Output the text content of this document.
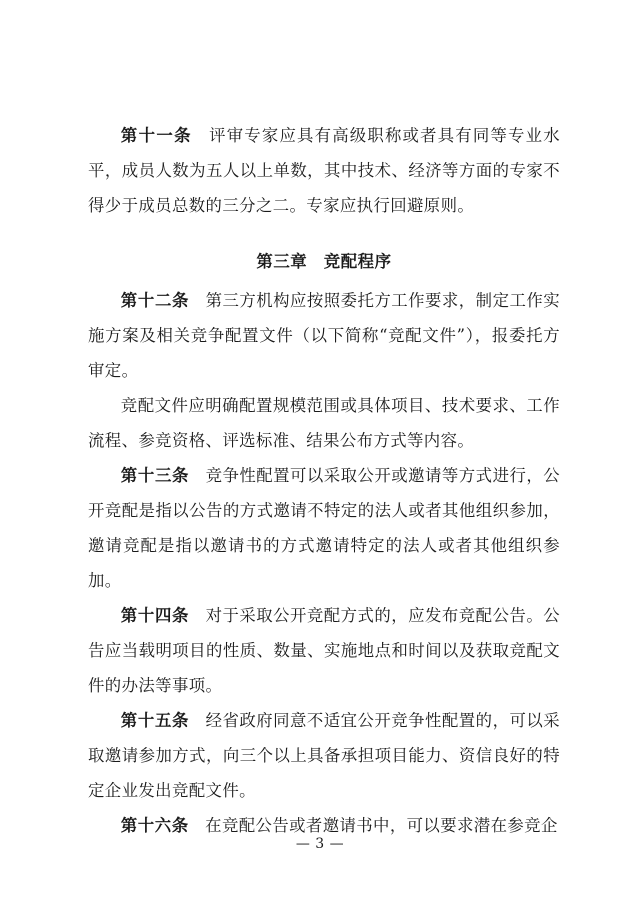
第十一条 评审专家应具有高级职称或者具有同等专业水平，成员人数为五人以上单数，其中技术、经济等方面的专家不得少于成员总数的三分之二。专家应执行回避原则。

第三章 竞配程序

第十二条 第三方机构应按照委托方工作要求，制定工作实施方案及相关竞争配置文件（以下简称“竞配文件”），报委托方审定。

竞配文件应明确配置规模范围或具体项目、技术要求、工作流程、参竞资格、评选标准、结果公布方式等内容。

第十三条 竞争性配置可以采取公开或邀请等方式进行，公开竞配是指以公告的方式邀请不特定的法人或者其他组织参加，邀请竞配是指以邀请书的方式邀请特定的法人或者其他组织参加。

第十四条 对于采取公开竞配方式的，应发布竞配公告。公告应当载明项目的性质、数量、实施地点和时间以及获取竞配文件的办法等事项。

第十五条 经省政府同意不适宜公开竞争性配置的，可以采取邀请参加方式，向三个以上具备承担项目能力、资信良好的特定企业发出竞配文件。

第十六条 在竞配公告或者邀请书中，可以要求潜在参竞企

— 3 —
